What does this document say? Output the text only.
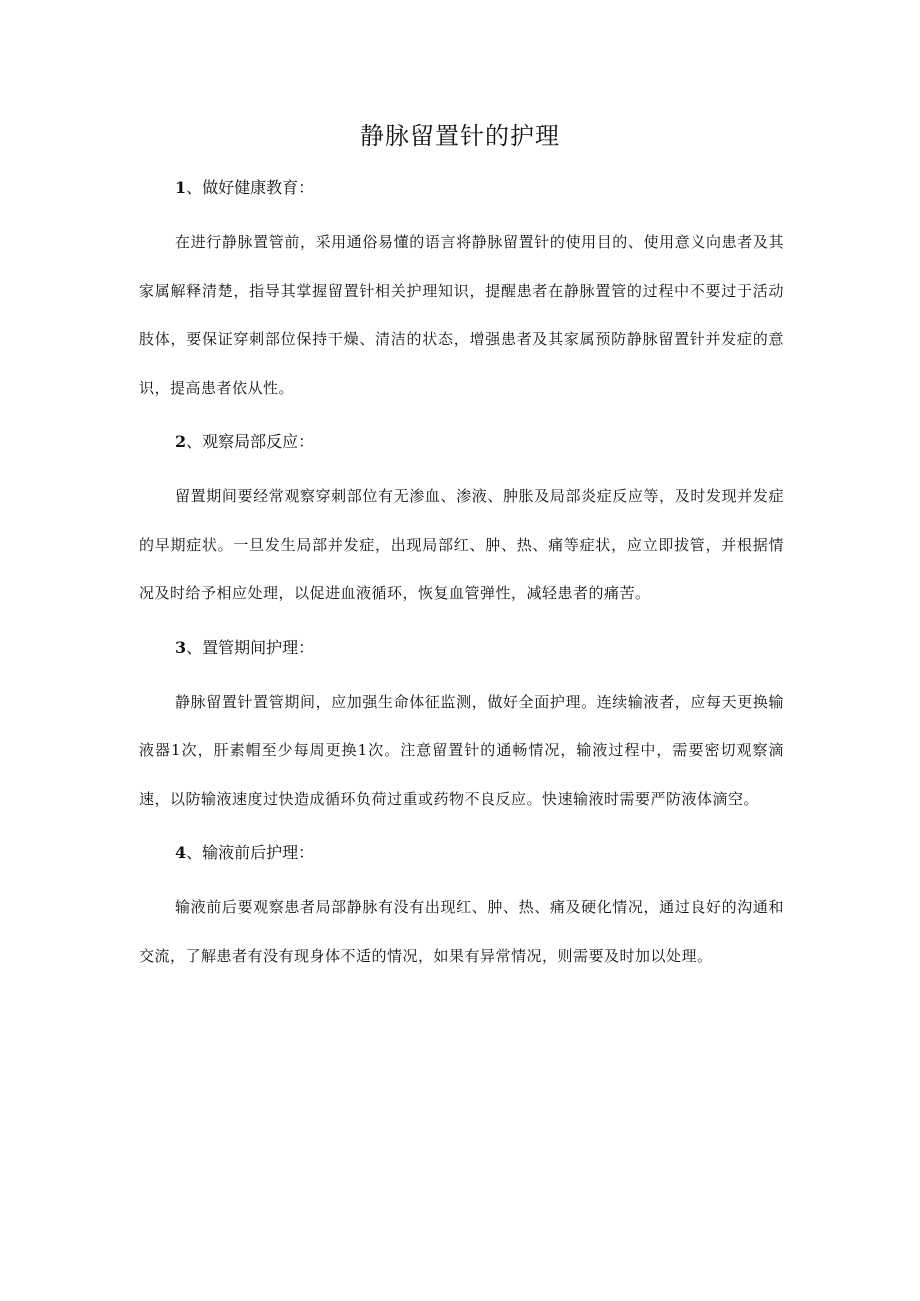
静脉留置针的护理
1、做好健康教育：

在进行静脉置管前，采用通俗易懂的语言将静脉留置针的使用目的、使用意义向患者及其家属解释清楚，指导其掌握留置针相关护理知识，提醒患者在静脉置管的过程中不要过于活动肢体，要保证穿刺部位保持干燥、清洁的状态，增强患者及其家属预防静脉留置针并发症的意识，提高患者依从性。

2、观察局部反应：

留置期间要经常观察穿刺部位有无渗血、渗液、肿胀及局部炎症反应等，及时发现并发症的早期症状。一旦发生局部并发症，出现局部红、肿、热、痛等症状，应立即拔管，并根据情况及时给予相应处理，以促进血液循环，恢复血管弹性，减轻患者的痛苦。

3、置管期间护理：

静脉留置针置管期间，应加强生命体征监测，做好全面护理。连续输液者，应每天更换输液器1次，肝素帽至少每周更换1次。注意留置针的通畅情况，输液过程中，需要密切观察滴速，以防输液速度过快造成循环负荷过重或药物不良反应。快速输液时需要严防液体滴空。

4、输液前后护理：

输液前后要观察患者局部静脉有没有出现红、肿、热、痛及硬化情况，通过良好的沟通和交流，了解患者有没有现身体不适的情况，如果有异常情况，则需要及时加以处理。
